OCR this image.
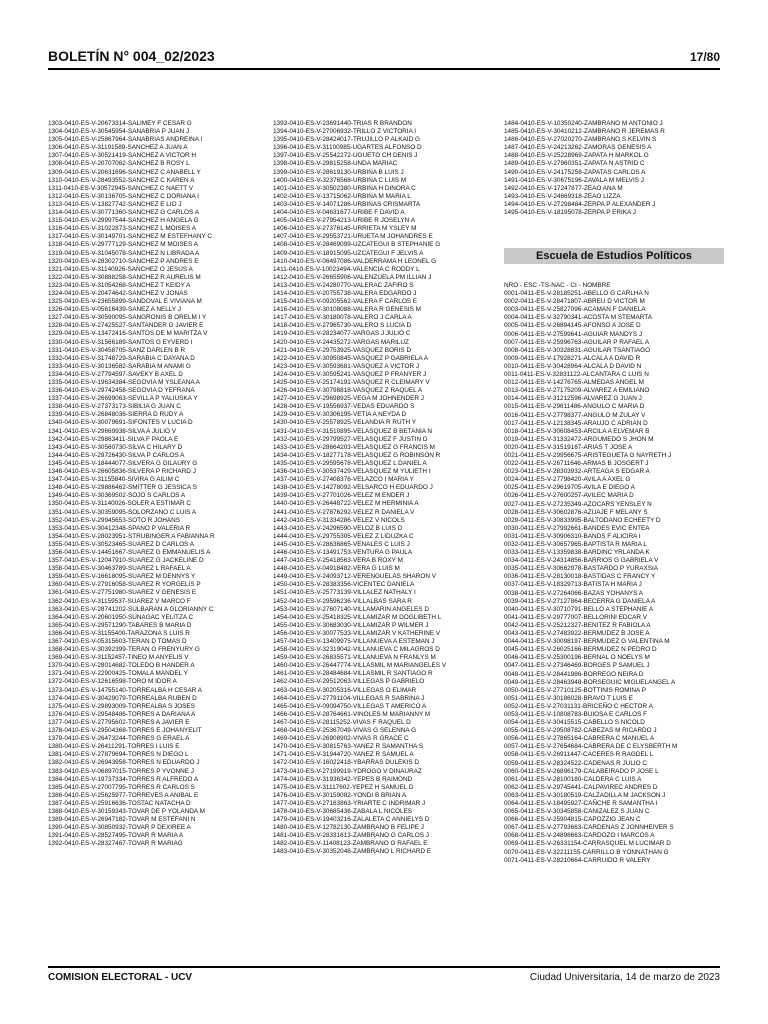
BOLETÍN N° 004_02/2023	17/80
1303-0410-ES-V-20673314-SALIMEY F CESAR G
1304-0410-ES-V-30545954-SANABRIA P JUAN J
1305-0410-ES-V-25867964-SANABRIAS ANDREINA I
1306-0410-ES-V-31191589-SANCHEZ A JUAN A
1307-0410-ES-V-30521419-SANCHEZ A VICTOR H
1308-0410-ES-V-20707062-SANCHEZ B ROSY L
1309-0410-ES-V-20631696-SANCHEZ C ANABELL Y
1310-0410-ES-V-28493552-SANCHEZ C KAREN A
1311-0410-ES-V-30572945-SANCHEZ C NAETT V
1312-0410-ES-V-30136705-SANCHEZ C DORIANA I
1313-0410-ES-V-13827742-SANCHEZ E LIO J
1314-0410-ES-V-30771360-SANCHEZ G CARLOS A
1315-0410-ES-V-29997544-SANCHEZ H ANGELA G
1316-0410-ES-V-31022873-SANCHEZ L MOISES A
1317-0410-ES-V-30149701-SANCHEZ M ESTEFHANY C
1318-0410-ES-V-29777129-SANCHEZ M MOISES A
1319-0410-ES-V-31045078-SANCHEZ N LIBRADA A
1320-0410-ES-V-28302710-SANCHEZ P ANDRES E
1321-0410-ES-V-31140926-SANCHEZ O JESUS A
1322-0410-ES-V-30888258-SANCHEZ R AURELIS M
1323-0410-ES-V-31054268-SANCHEZ T KEIDY A
1324-0410-ES-V-20474642-SANCHEZ V JONAS
1325-0410-ES-V-23655899-SANDOVAL E VIVIANA M
1326-0410-ES-V-05616439-SANEZ A NELLY J
1327-0410-ES-V-30590095-SANGRONIS B ORELM I Y
1328-0410-ES-V-27425527-SANTANDER G JAVIER E
1329-0410-ES-V-13472416-SANTOS DE M MARITZA V
1330-0410-ES-V-31566189-SANTOS G EYVERD I
1331-0410-ES-V-30458705-SANZ DARLEN B R
1332-0410-ES-V-31748729-SARABIA C DAYANA D
1333-0410-ES-V-30136582-SARABIA M ANAMI G
1334-0410-ES-V-27794597-SAVEKY B AXEL D
1335-0410-ES-V-19634384-SEGOVIA M YSLEANA A
1336-0410-ES-V-29742458-SEGOVIA D YEFRANA
1337-0410-ES-V-26699063-SEVILLA P YALIUSKA Y
1338-0410-ES-V-27373173-SIBILIA G JUAN C
1339-0410-ES-V-26848036-SIERRA D RUDY A
1340-0410-ES-V-30079691-SIFONTES V LUCIA D
1341-0410-ES-V-29669938-SILVA A JULIO V
1342-0410-ES-V-29863411-SILVA F PAOLA E
1343-0410-ES-V-30560730-SILVA C HILARY D
1344-0410-ES-V-29726430-SILVA P CARLOS A
1345-0410-ES-V-18444077-SILVERA G GILAURY G
1346-0410-ES-V-26605836-SILVERA P RICHARD J
1347-0410-ES-V-31155840-SIVIRA G AILIM C
1348-0410-ES-V-29886462-SMITTER G JESSICA S
1349-0410-ES-V-30369502-SOJO S CARLOS A
1350-0410-ES-V-31140026-SOLER A ESTIMAR C
1351-0410-ES-V-30359095-SOLORZANO C LUIS A
1352-0410-ES-V-29945653-SOTO R JOHANS
1353-0410-ES-V-30412348-SPANO P VALERIA R
1354-0410-ES-V-28023951-STRUBINGER A FABIANNA R
1355-0410-ES-V-30523465-SUAREZ D CARLOS A
1356-0410-ES-V-14451667-SUAREZ G EMMANUELIS A
1357-0410-ES-V-12047910-SUAREZ G JACKELINE D
1358-0410-ES-V-30463789-SUAREZ L RAFAEL A
1359-0410-ES-V-16618095-SUAREZ M DENNYS Y
1360-0410-ES-V-27916058-SUAREZ R YORGELIS P
1361-0410-ES-V-27751980-SUAREZ V GENESIS E
1362-0410-ES-V-31159537-SUAREZ V MARCO F
1363-0410-ES-V-28741202-SULBARAN A GLORIANNY C
1364-0410-ES-V-20601950-SUNAGAC YELITZA C
1365-0410-ES-V-29571290-TABARES B MARIA D
1366-0410-ES-V-31155400-TARAZONA S LUIS R
1367-0410-ES-V-05315603-TERAN D TOMAS D
1368-0410-ES-V-30392399-TERAN O FRENYURY G
1369-0410-ES-V-31152457-TINEO M ANYELIS V
1370-0410-ES-V-28014682-TOLEDO B HANDER A
1371-0410-ES-V-22900425-TOMALA MANDEL Y
1372-0410-ES-V-12616598-TORO M IDOR A
1373-0410-ES-V-14755140-TORREALBA H CESAR A
1374-0410-ES-V-30429079-TORREALBA RUBEN D
1375-0410-ES-V-29893009-TORREALBA S JOSES
1376-0410-ES-V-29548486-TORRES A DARIANA A
1377-0410-ES-V-27795602-TORRES A JAVIER E
1378-0410-ES-V-29504368-TORRES E JOHANYELIT
1379-0410-ES-V-26473244-TORRES G ERAEL A
1380-0410-ES-V-26411291-TORRES I LUIS E
1381-0410-ES-V-27879694-TORRES N DIEGO L
1382-0410-ES-V-26943958-TORRES N EDUARDO J
1383-0410-ES-V-06897015-TORRES P YVONNE J
1384-0410-ES-V-19737334-TORRES R ALFREDO A
1385-0410-ES-V-27007795-TORRES R CARLOS S
1386-0410-ES-V-25625977-TORREVES A ANIBAL E
1387-0410-ES-V-25916636-TOSTAC NATACHA D
1388-0410-ES-V-30159343-TOVAR DE P YOLANDA M
1389-0410-ES-V-26947182-TOVAR M ESTEFANI N
1390-0410-ES-V-30850932-TOVAR P DEXIREE A
1391-0410-ES-V-28527495-TOVAR R MARIA A
1392-0410-ES-V-28327467-TOVAR R MARIAG
1393-0410-ES-V-23691440-TRIAS R BRANDON
1394-0410-ES-V-27006932-TRILLO Z VICTORIA I
1395-0410-ES-V-28424017-TRUJILLO P ALKAID G
1396-0410-ES-V-31100985-UGARTES ALFONSO D
1397-0410-ES-V-25542272-UGUETO CH DENIS J
1398-0410-ES-V-29815258-UNDA MARIAC
1399-0410-ES-V-28619130-URBINA B LUIS J
1400-0410-ES-V-32376568-URBINA C LUIS M
1401-0410-ES-V-30502380-URBINA H DINORA C
1402-0410-ES-V-13715062-URBINA M MARIA L
1403-0410-ES-V-14071286-URBINAS CRISMARTA
1404-0410-ES-V-04631677-URIBE F DAVID A
1405-0410-ES-V-27954213-URIBE R JOSELYN A
1406-0410-ES-V-27376145-URRIETA M YSLEY M
1407-0410-ES-V-29553721-URUETA M JOHANDRES E
1408-0410-ES-V-28469099-UZCATEGUI B STEPHANIE G
1409-0410-ES-V-18915095-UZCATEGUI F JELVIS A
1410-0410-ES-V-06497086-VALDERRAMA H LEONEL G
1411-0410-ES-V-10023494-VALENCIA C RODDY L
1412-0410-ES-V-26655906-VALENZUELA PM ILLIAN J
1413-0410-ES-V-24280770-VALERAC ZAFIRO S
1414-0410-ES-V-20755738-VALERA EDGARDO J
1415-0410-ES-V-09205562-VALERA F CARLOS E
1416-0410-ES-V-30108088-VALERA R GENESIS M
1417-0410-ES-V-30180078-VALERO J CARLA A
1418-0410-ES-V-27965730-VALERO S LUCIA D
1419-0410-ES-V-28234077-VARGAS J JULIO C
1420-0410-ES-V-24435272-VARGAS MARILUZ
1421-0410-ES-V-29753925-VASQUEZ BORIS D
1422-0410-ES-V-30950845-VASQUEZ P GABRIELA A
1423-0410-ES-V-30593681-VASQUEZ A VICTOR J
1424-0410-ES-V-30595241-VASQUEZ P FRANYER J
1425-0410-ES-V-25174191-VASQUEZ R CLEIMARY V
1426-0410-ES-V-30798818-VASQUEZ Z RAQUEL A
1427-0410-ES-V-29698925-VEGA M JOHNENDER J
1428-0410-ES-V-19556937-VEDAS EDUARDO S
1429-0410-ES-V-30306195-VETIA A NEYDA D
1430-0410-ES-V-25578925-VELANDIA R RUTH Y
1431-0410-ES-V-31510895-VELASQUEZ B BETANIA N
1432-0410-ES-V-29799527-VELASQUEZ F JUSTIN D
1433-0410-ES-V-28664203-VELASQUEZ G FRANCIS M
1434-0410-ES-V-18277178-VELASQUEZ G ROBINSON R
1435-0410-ES-V-29595678-VELASQUEZ L DANIEL A
1436-0410-ES-V-30537429-VELASQUEZ M YULIETH I
1437-0410-ES-V-27408376-VELAZCO I MARIA Y
1438-0410-ES-V-14278092-VELSARCO H EDUARDO J
1439-0410-ES-V-27701026-VELEZ M ENDER J
1440-0410-ES-V-26448722-VELEZ M HERMINIA A
1441-0410-ES-V-27876292-VELEZ R DANIELA V
1442-0410-ES-V-31334286-VELEZ V NICOLS
1443-0410-ES-V-24296590-VELOZ B LUIS D
1444-0410-ES-V-29755305-VELEZ Z LIDUZKA C
1445-0410-ES-V-28636865-VENALES C LUIS J
1446-0410-ES-V-13491753-VENTURA G PAULA
1447-0410-ES-V-25418563-VERA B ROXY M
1448-0410-ES-V-04918482-VERA G LUIS M
1449-0410-ES-V-24093712-VERENGUELAS SHARON V
1450-0410-ES-V-28383356-VICENTEC DANIELA
1451-0410-ES-V-25773139-VILLALEZ NATHALY I
1452-0410-ES-V-29596236-VILLALBAS SARA R
1453-0410-ES-V-27607140-VILLAMARIN ANGELES D
1454-0410-ES-V-25418325-VILLAMIZAR M DOGLIBETH L
1455-0410-ES-V-30683030-VILLAMIZAR P WILMER J
1456-0410-ES-V-30077533-VILLAMIZAR V KATHERINE V
1457-0410-ES-V-13409975-VILLANUEVA A ESTEMAN J
1458-0410-ES-V-32319042-VILLANUEVA C MILAGROS D
1459-0410-ES-V-26835571-VILLANUEVA N FRANLYS M
1460-0410-ES-V-26447774-VILLASMIL M MARIANGELES V
1461-0410-ES-V-28484684-VILLASMIL R SANTIAGO R
1462-0410-ES-V-29512063-VILLEGAS P GABRIELO
1463-0410-ES-V-30205316-VILLEGAS O ELIMAR
1464-0410-ES-V-27791104-VILLEGAS R SABRINA J
1465-0410-ES-V-09094750-VILLEGAS T AMERICO A
1466-0410-ES-V-28764661-VINOLES M MARIANNY M
1467-0410-ES-V-28115252-VIVAS F RAQUEL D
1468-0410-ES-V-25367049-VIVAS G SELENNA G
1469-0410-ES-V-26908902-VIVAS R GRACE C
1470-0410-ES-V-30815763-YANEZ R SAMANTHA S
1471-0410-ES-V-31944720-YANEZ R SAMUEL A
1472-0410-ES-V-16022418-YBARRAS DULEKIS D
1473-0410-ES-V-27199919-YDROGO V DINAURAZ
1474-0410-ES-V-31936342-YEPES B RAIMOND
1475-0410-ES-V-31117602-YEPEZ H SAMUEL D
1476-0410-ES-V-30159082-YONDI B BRIAN A
1477-0410-ES-V-27163863-YRIARTE C INDRIMAR J
1478-0410-ES-V-30685436-ZABALA L NICOLES
1479-0410-ES-V-19403216-ZALALETA C ANNIELYS D
1480-0410-ES-V-12782130-ZAMBRANO B FELIPE J
1481-0410-ES-V-28331613-ZAMBRANO G CARLOS J
1482-0410-ES-V-11408123-ZAMBRANO G RAFAEL E
1483-0410-ES-V-30352048-ZAMBRANO L RICHARD E
1484-0410-ES-V-10350240-ZAMBRANO M ANTONIO J
1485-0410-ES-V-30410212-ZAMBRANO R JEREMAS R
1486-0410-ES-V-27020270-ZAMBRANO S KELVIN S
1487-0410-ES-V-24213262-ZAMORAS GENESIS A
1488-0410-ES-V-25228969-ZAPATA H MARKOL G
1489-0410-ES-V-27960351-ZAPATA N ASTRID C
1490-0410-ES-V-24175258-ZAPATAS CARLOS A
1491-0410-ES-V-30675196-ZAVALA M MELVIS J
1492-0410-ES-V-17247877-ZEAO ANA M
1493-0410-ES-V-24669318-ZEAO LIZZA
1494-0410-ES-V-27298484-ZERPA P ALEXANDER J
1495-0410-ES-V-18195078-ZERPA P ERIKA J
Escuela de Estudios Políticos
NRO - ESC -TS-NAC - CI - NOMBRE
0001-0411-ES-V-28185251-ABELLO G CARLHA N
0002-0411-ES-V-28471807-ABREU D VICTOR M
0003-0411-ES-V-25827096-ACAMAN F DANIELA
0004-0411-ES-V-32790341-ACOSTA M STEMARTA
0005-0411-ES-V-26894145-AFONSO A JOSE D
0006-0411-ES-V-27599641-AGUIAR MANDYS J
0007-0411-ES-V-25996763-AGUILAR P RAFAEL A
0008-0411-ES-V-30328831-AGUILAR TSANTIAGO
0009-0411-ES-V-17928271-ALCALA A DAVID R
0010-0411-ES-V-30428964-ALCALA D DAVID N
0011-0411-ES-V-32831122-ALCANTARA C LUIS N
0012-0411-ES-V-14276765-ALMEDAS ANGEL M
0013-0411-ES-V-27175209-ALVAREZ A EMILIANO
0014-0411-ES-V-31212596-ALVAREZ G JUAN J
0015-0411-ES-V-29611486-ANGULO C MARIA D
0016-0411-ES-V-27798377-ANGULO M ZULAY V
0017-0411-ES-V-12138345-ARAUJO C ADRIAN D
0018-0411-ES-V-30608453-ARCILA A ELVEMAR B
0019-0411-ES-V-31332472-ARGUMEDO S JHON M
0020-0411-ES-V-31519167-ARIAS T JOSE A
0021-0411-ES-V-29956675-ARISTEGUETA G NAYRETH J
0022-0411-ES-V-26711646-ARMAS B JOSGERT J
0023-0411-ES-V-28303932-ARTEAGA S EDGAR A
0024-0411-ES-V-27798420-AVILA A AXEL G
0025-0411-ES-V-29619705-AVILA E DIEGO A
0026-0411-ES-V-27600257-AVILEC MARIA D
0027-0411-ES-V-27235349-AZOCARS YENSLEY N
0028-0411-ES-V-30602876-AZUAJE F MELANY S
0029-0411-ES-V-30833995-BALTODANO ECHEETY D
0030-0411-ES-V-27992661-BANDES EVIC ENTEA
0031-0411-ES-V-30906310-BANDS F ALICIRA I
0032-0411-ES-V-30657965-BAPTISTA R MARIA L
0033-0411-ES-V-13359838-BARDINC YRLANDA K
0034-0411-ES-V-24314856-BARRIOS G GABRIELA V
0035-0411-ES-V-30662978-BASTARDO P YURAXSIA
0036-0411-ES-V-28130018-BASTIDAS C FRANCY Y
0037-0411-ES-V-18329713-BATISTA H MARIA J
0038-0411-ES-V-27264066-BAZAS YOHANYS A
0039-0411-ES-V-27127864-BECERRA G DANIELA A
0040-0411-ES-V-30710791-BELLO A STEPHANIE A
0041-0411-ES-V-29777007-BELLORINI EDCAR V
0042-0411-ES-V-25212327-BENITEZ R FABIOLA A
0043-0411-ES-V-27483922-BERMUDEZ B JOSE A
0044-0411-ES-V-30098197-BERMUDEZ G VALENTINA M
0045-0411-ES-V-26025166-BERMUDEZ N PEDRO D
0046-0411-ES-V-25300196-BERNAL O NOELYS M
0047-0411-ES-V-27346469-BORGES P SAMUEL J
0048-0411-ES-V-28441986-BORREGO NEIRA D
0049-0411-ES-V-28463948-BORSEGUIC MIGUELANGEL A
0050-0411-ES-V-27710125-BOTTINIS ROMINA P
0051-0411-ES-V-30186028-BRAVO T LUIS E
0052-0411-ES-V-27031131-BRICEÑO C HECTOR A
0053-0411-ES-V-10808783-BUIOSA E CARLOS F
0054-0411-ES-V-30415515-CABELLO S NICOLD
0055-0411-ES-V-29508782-CABEZAS M RICARDO J
0056-0411-ES-V-27865164-CABRERA C MANUEL A
0057-0411-ES-V-27654684-CABRERA DE C ELYSBERTH M
0058-0411-ES-V-26911447-CACERES R RAGDEL L
0059-0411-ES-V-28324522-CADENAS R JULIO C
0060-0411-ES-V-26896179-CALABEIRADO P JOSE L
0061-0411-ES-V-28100180-CALDERA C LUIS A
0062-0411-ES-V-29745441-CALPAVIREC ANDRES D
0063-0411-ES-V-30180519-CALZADILLA M JACKSON J
0064-0411-ES-V-18495927-CAÑCHE R SAMANTHA I
0065-0411-ES-V-30345858-CANIZALEZ S JUAN C
0066-0411-ES-V-25904815-CAPOZZIG JEAN C
0067-0411-ES-V-27793663-CARDENAS Z JONNHEIVER S
0068-0411-ES-V-24898663-CARDOZO I MARCOS A
0069-0411-ES-V-26331154-CARRASQUEL M LUCIMAR D
0070-0411-ES-V-32211155-CARRILLO B YONNATHAN G
0071-0411-ES-V-28210664-CARRUIDO R VALERY
COMISION ELECTORAL - UCV	Ciudad Universitaria, 14 de marzo de 2023
